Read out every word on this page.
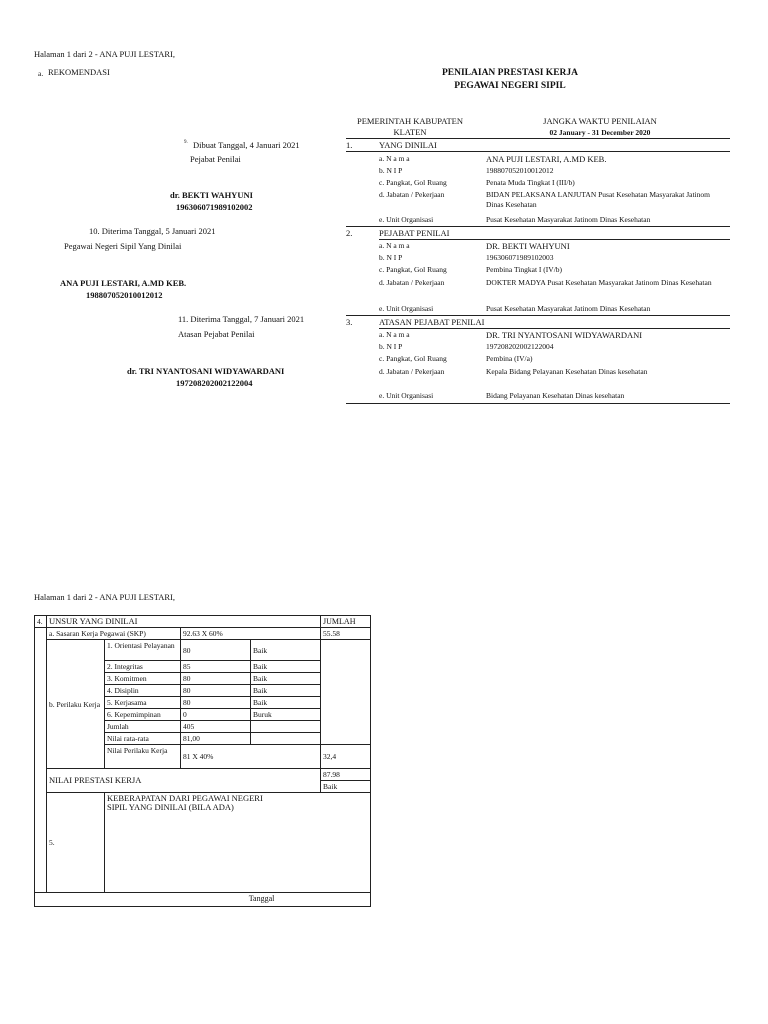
Halaman 1 dari 2 - ANA PUJI LESTARI,
a. REKOMENDASI	PENILAIAN PRESTASI KERJA
PEGAWAI NEGERI SIPIL
PEMERINTAH KABUPATEN
KLATEN
JANGKA WAKTU PENILAIAN
02 January - 31 December 2020
9. Dibuat Tanggal, 4 Januari 2021
Pejabat Penilai
dr. BEKTI WAHYUNI
196306071989102002
10. Diterima Tanggal, 5 Januari 2021
Pegawai Negeri Sipil Yang Dinilai
ANA PUJI LESTARI, A.MD KEB.
198807052010012012
11. Diterima Tanggal, 7 Januari 2021
Atasan Pejabat Penilai
dr. TRI NYANTOSANI WIDYAWARDANI
197208202002122004
1.	YANG DINILAI
a. N a m a	ANA PUJI LESTARI, A.MD KEB.
b. N I P	198807052010012012
c. Pangkat, Gol Ruang	Penata Muda Tingkat I (III/b)
d. Jabatan / Pekerjaan	BIDAN PELAKSANA LANJUTAN Pusat Kesehatan Masyarakat Jatinom Dinas Kesehatan
e. Unit Organisasi	Pusat Kesehatan Masyarakat Jatinom Dinas Kesehatan
2.	PEJABAT PENILAI
a. N a m a	DR. BEKTI WAHYUNI
b. N I P	196306071989102003
c. Pangkat, Gol Ruang	Pembina Tingkat I (IV/b)
d. Jabatan / Pekerjaan	DOKTER MADYA Pusat Kesehatan Masyarakat Jatinom Dinas Kesehatan
e. Unit Organisasi	Pusat Kesehatan Masyarakat Jatinom Dinas Kesehatan
3.	ATASAN PEJABAT PENILAI
a. N a m a	DR. TRI NYANTOSANI WIDYAWARDANI
b. N I P	197208202002122004
c. Pangkat, Gol Ruang	Pembina (IV/a)
d. Jabatan / Pekerjaan	Kepala Bidang Pelayanan Kesehatan Dinas kesehatan
e. Unit Organisasi	Bidang Pelayanan Kesehatan Dinas kesehatan
Halaman 1 dari 2 - ANA PUJI LESTARI,
4.	UNSUR YANG DINILAI				JUMLAH
	a. Sasaran Kerja Pegawai (SKP)		92.63 X 60%		55.58
	b. Perilaku Kerja	1. Orientasi Pelayanan	80	Baik	
		2. Integritas	85	Baik	
		3. Komitmen	80	Baik	
		4. Disiplin	80	Baik	
		5. Kerjasama	80	Baik	
		6. Kepemimpinan	0	Buruk	
		Jumlah	405		
		Nilai rata-rata	81,00		
		Nilai Perilaku Kerja	81 X 40%		32,4
	NILAI PRESTASI KERJA				87.98
					Baik
	5.	KEBERAPATAN DARI PEGAWAI NEGERI
SIPIL YANG DINILAI (BILA ADA)			

Tanggal					
